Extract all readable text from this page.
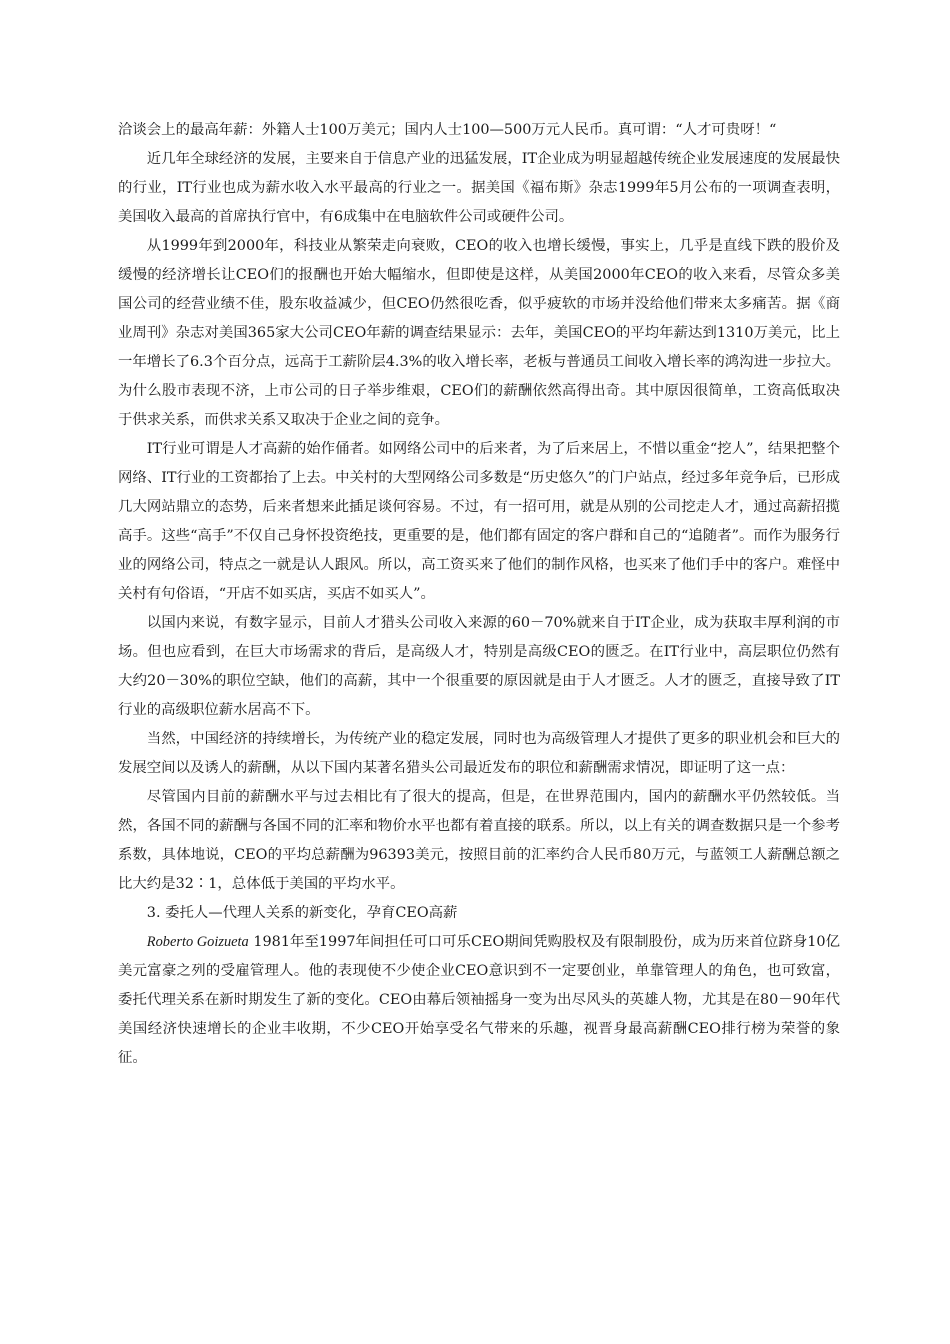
洽谈会上的最高年薪：外籍人士100万美元；国内人士100—500万元人民币。真可谓：“人才可贵呀！“

近几年全球经济的发展，主要来自于信息产业的迅猛发展，IT企业成为明显超越传统企业发展速度的发展最快的行业，IT行业也成为薪水收入水平最高的行业之一。据美国《福布斯》杂志1999年5月公布的一项调查表明，美国收入最高的首席执行官中，有6成集中在电脑软件公司或硬件公司。

从1999年到2000年，科技业从繁荣走向衰败，CEO的收入也增长缓慢，事实上，几乎是直线下跌的股价及缓慢的经济增长让CEO们的报酬也开始大幅缩水，但即使是这样，从美国2000年CEO的收入来看，尽管众多美国公司的经营业绩不佳，股东收益减少，但CEO仍然很吃香，似乎疲软的市场并没给他们带来太多痛苦。据《商业周刊》杂志对美国365家大公司CEO年薪的调查结果显示：去年，美国CEO的平均年薪达到1310万美元，比上一年增长了6.3个百分点，远高于工薪阶层4.3%的收入增长率，老板与普通员工间收入增长率的鸿沟进一步拉大。为什么股市表现不济，上市公司的日子举步维艰，CEO们的薪酬依然高得出奇。其中原因很简单，工资高低取决于供求关系，而供求关系又取决于企业之间的竞争。

IT行业可谓是人才高薪的始作俑者。如网络公司中的后来者，为了后来居上，不惜以重金“挖人”，结果把整个网络、IT行业的工资都抬了上去。中关村的大型网络公司多数是“历史悠久”的门户站点，经过多年竞争后，已形成几大网站鼎立的态势，后来者想来此插足谈何容易。不过，有一招可用，就是从别的公司挖走人才，通过高薪招揽高手。这些“高手”不仅自己身怀投资绝技，更重要的是，他们都有固定的客户群和自己的“追随者”。而作为服务行业的网络公司，特点之一就是认人跟风。所以，高工资买来了他们的制作风格，也买来了他们手中的客户。难怪中关村有句俗语，“开店不如买店，买店不如买人”。

以国内来说，有数字显示，目前人才猎头公司收入来源的60－70%就来自于IT企业，成为获取丰厚利润的市场。但也应看到，在巨大市场需求的背后，是高级人才，特别是高级CEO的匮乏。在IT行业中，高层职位仍然有大约20－30%的职位空缺，他们的高薪，其中一个很重要的原因就是由于人才匮乏。人才的匮乏，直接导致了IT行业的高级职位薪水居高不下。

当然，中国经济的持续增长，为传统产业的稳定发展，同时也为高级管理人才提供了更多的职业机会和巨大的发展空间以及诱人的薪酬，从以下国内某著名猎头公司最近发布的职位和薪酬需求情况，即证明了这一点：

尽管国内目前的薪酬水平与过去相比有了很大的提高，但是，在世界范围内，国内的薪酬水平仍然较低。当然，各国不同的薪酬与各国不同的汇率和物价水平也都有着直接的联系。所以，以上有关的调查数据只是一个参考系数，具体地说，CEO的平均总薪酬为96393美元，按照目前的汇率约合人民币80万元，与蓝领工人薪酬总额之比大约是32∶1，总体低于美国的平均水平。

3. 委托人—代理人关系的新变化，孕育CEO高薪

Roberto Goizueta 1981年至1997年间担任可口可乐CEO期间凭购股权及有限制股份，成为历来首位跻身10亿美元富豪之列的受雇管理人。他的表现使不少使企业CEO意识到不一定要创业，单靠管理人的角色，也可致富，委托代理关系在新时期发生了新的变化。CEO由幕后领袖摇身一变为出尽风头的英雄人物，尤其是在80－90年代美国经济快速增长的企业丰收期，不少CEO开始享受名气带来的乐趣，视晋身最高薪酬CEO排行榜为荣誉的象征。
